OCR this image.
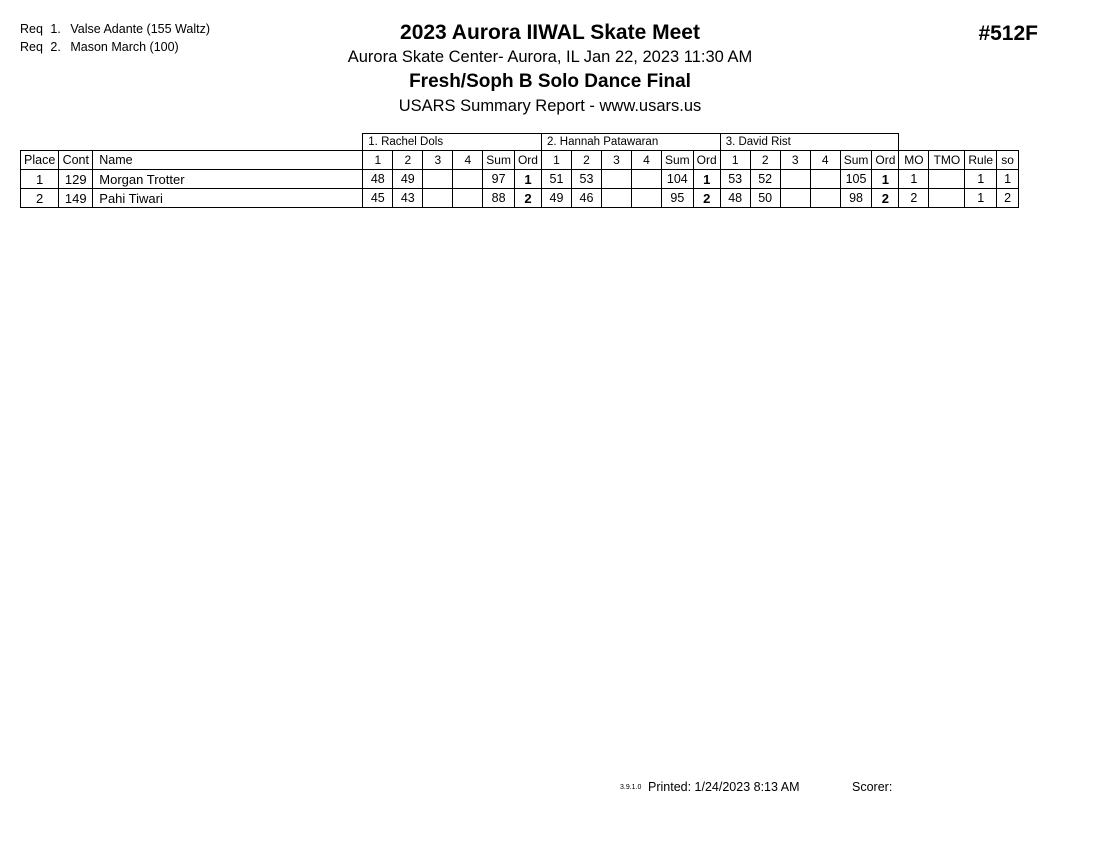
Req 1. Valse Adante (155 Waltz)
Req 2. Mason March (100)
2023 Aurora IIWAL Skate Meet
Aurora Skate Center- Aurora, IL Jan 22, 2023 11:30 AM
Fresh/Soph B Solo Dance Final
USARS Summary Report - www.usars.us
#512F
			1. Rachel Dols						2. Hannah Patawaran						3. David Rist									
Place	Cont	Name	1	2	3	4	Sum	Ord	1	2	3	4	Sum	Ord	1	2	3	4	Sum	Ord	MO	TMO	Rule	so
1	129	Morgan Trotter	48	49			97	1	51	53			104	1	53	52			105	1	1		1	1
2	149	Pahi Tiwari	45	43			88	2	49	46			95	2	48	50			98	2	2		1	2
3.9.1.0 Printed: 1/24/2023 8:13 AM	Scorer:
